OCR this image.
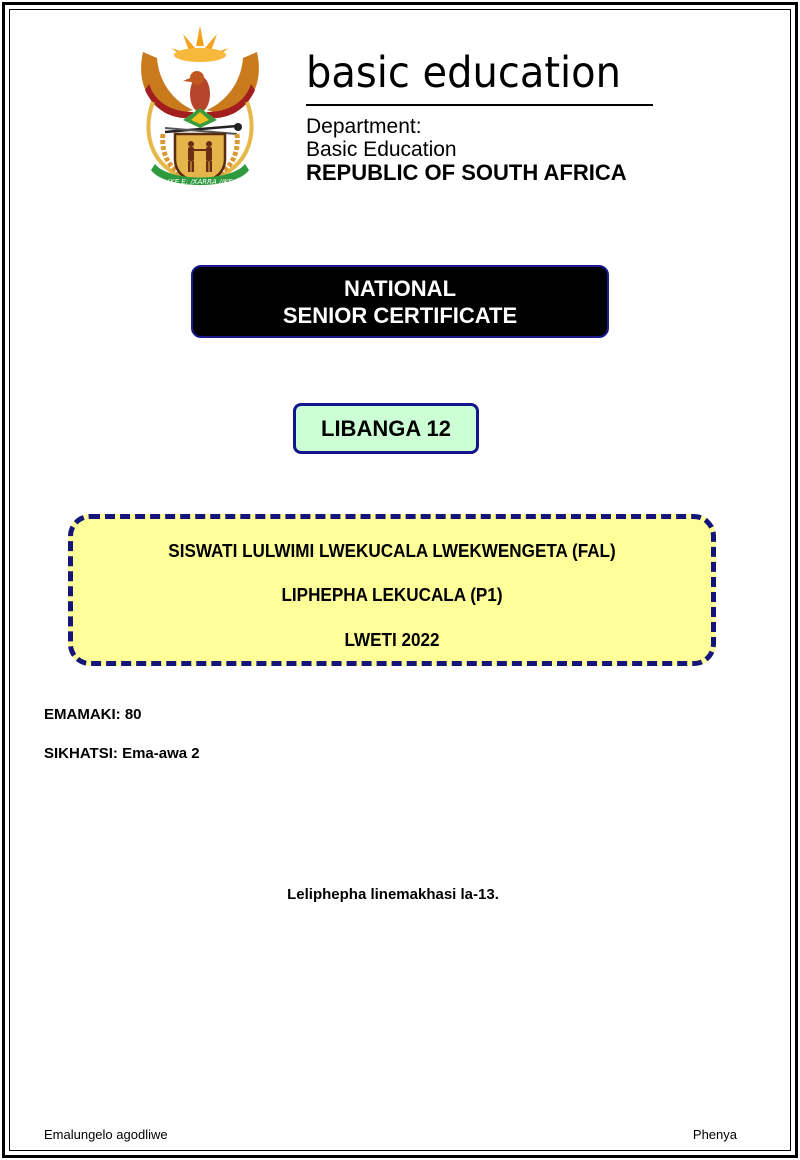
!KE E: /XARRA //KE
basic education
Department:
Basic Education
REPUBLIC OF SOUTH AFRICA
NATIONAL
SENIOR CERTIFICATE
LIBANGA 12
SISWATI LULWIMI LWEKUCALA LWEKWENGETA (FAL)
LIPHEPHA LEKUCALA (P1)
LWETI 2022
EMAMAKI: 80
SIKHATSI: Ema-awa 2
Leliphepha linemakhasi la-13.
Emalungelo agodliwe	Phenya
